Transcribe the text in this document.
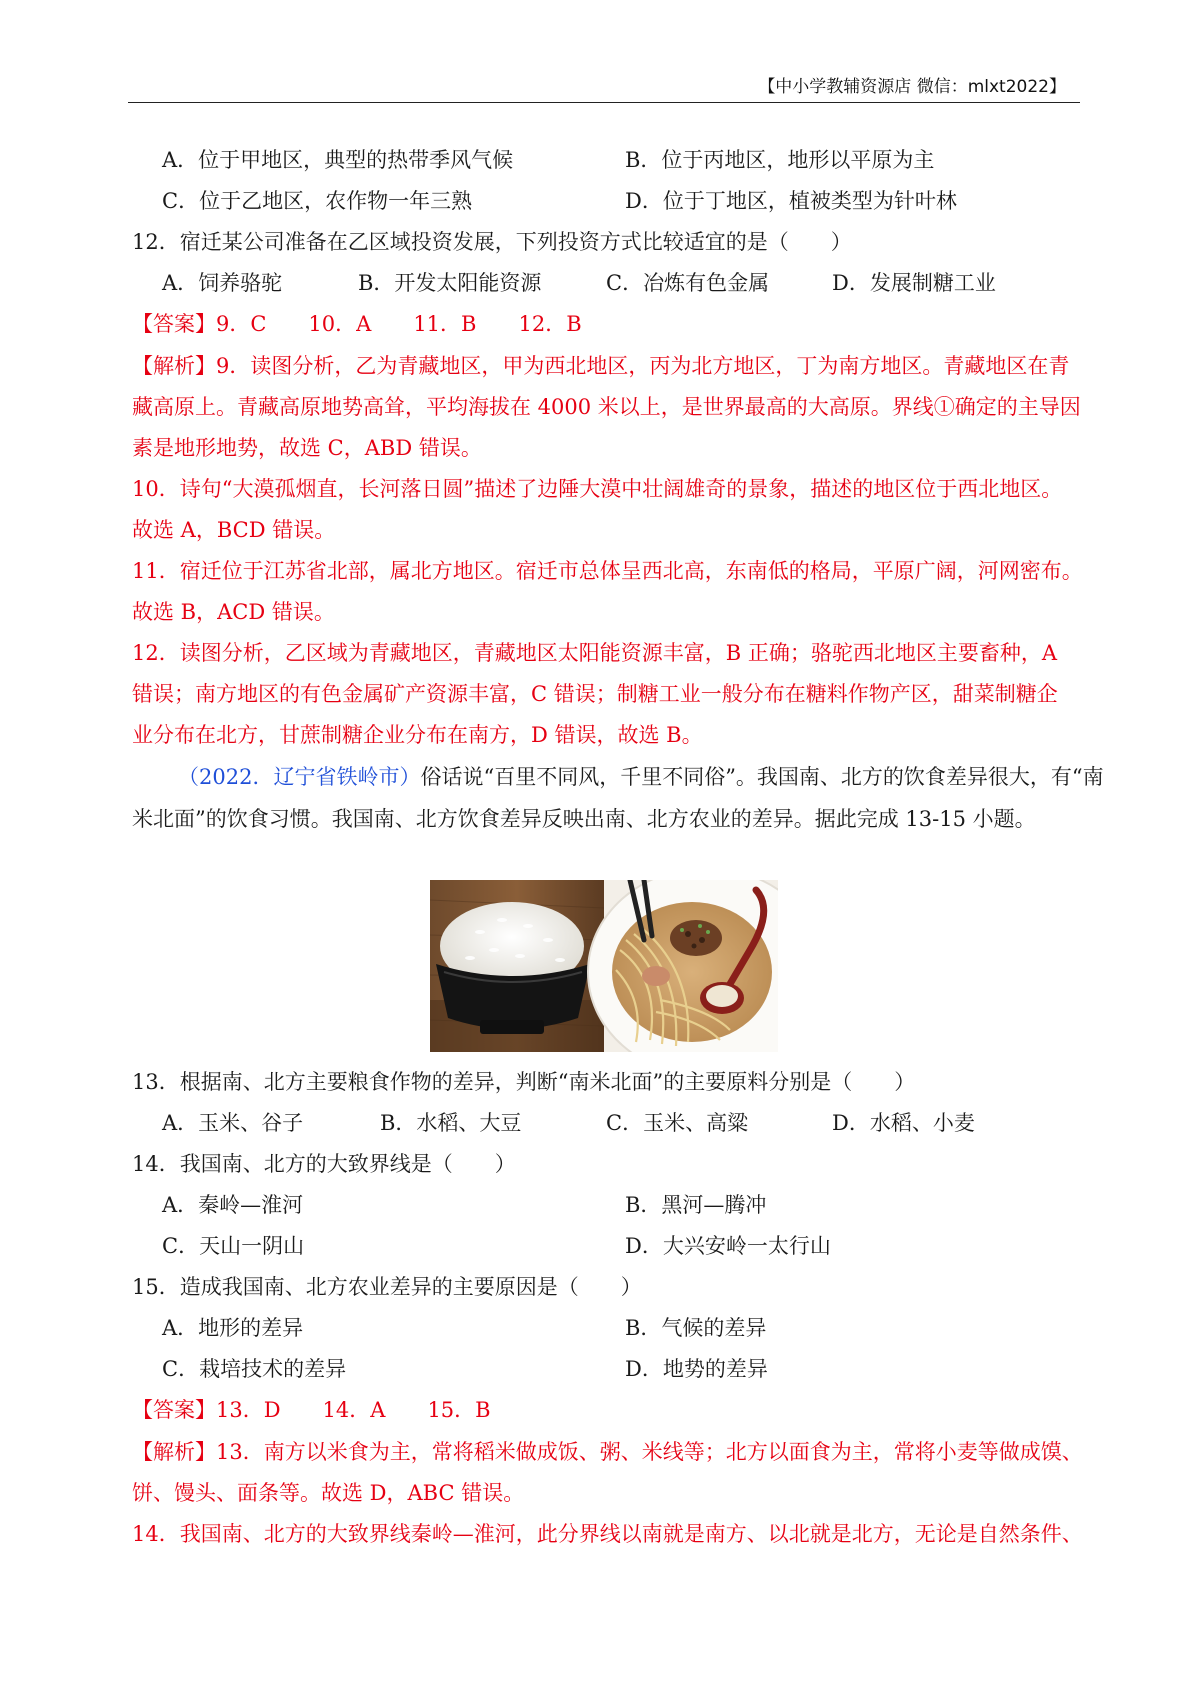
【中小学教辅资源店 微信：mlxt2022】
A．位于甲地区，典型的热带季风气候	B．位于丙地区，地形以平原为主
C．位于乙地区，农作物一年三熟	D．位于丁地区，植被类型为针叶林
12．宿迁某公司准备在乙区域投资发展，下列投资方式比较适宜的是（　　）
A．饲养骆驼	B．开发太阳能资源	C．冶炼有色金属	D．发展制糖工业
【答案】9．C　　10．A　　11．B　　12．B
【解析】9．读图分析，乙为青藏地区，甲为西北地区，丙为北方地区，丁为南方地区。青藏地区在青
藏高原上。青藏高原地势高耸，平均海拔在 4000 米以上，是世界最高的大高原。界线①确定的主导因
素是地形地势，故选 C，ABD 错误。
10．诗句“大漠孤烟直，长河落日圆”描述了边陲大漠中壮阔雄奇的景象，描述的地区位于西北地区。
故选 A，BCD 错误。
11．宿迁位于江苏省北部，属北方地区。宿迁市总体呈西北高，东南低的格局，平原广阔，河网密布。
故选 B，ACD 错误。
12．读图分析，乙区域为青藏地区，青藏地区太阳能资源丰富，B 正确；骆驼西北地区主要畜种，A
错误；南方地区的有色金属矿产资源丰富，C 错误；制糖工业一般分布在糖料作物产区，甜菜制糖企
业分布在北方，甘蔗制糖企业分布在南方，D 错误，故选 B。
（2022．辽宁省铁岭市）俗话说“百里不同风，千里不同俗”。我国南、北方的饮食差异很大，有“南
米北面”的饮食习惯。我国南、北方饮食差异反映出南、北方农业的差异。据此完成 13-15 小题。
13．根据南、北方主要粮食作物的差异，判断“南米北面”的主要原料分别是（　　）
A．玉米、谷子	B．水稻、大豆	C．玉米、高粱	D．水稻、小麦
14．我国南、北方的大致界线是（　　）
A．秦岭—淮河	B．黑河—腾冲
C．天山一阴山	D．大兴安岭一太行山
15．造成我国南、北方农业差异的主要原因是（　　）
A．地形的差异	B．气候的差异
C．栽培技术的差异	D．地势的差异
【答案】13．D　　14．A　　15．B
【解析】13．南方以米食为主，常将稻米做成饭、粥、米线等；北方以面食为主，常将小麦等做成馍、
饼、馒头、面条等。故选 D，ABC 错误。
14．我国南、北方的大致界线秦岭—淮河，此分界线以南就是南方、以北就是北方，无论是自然条件、
